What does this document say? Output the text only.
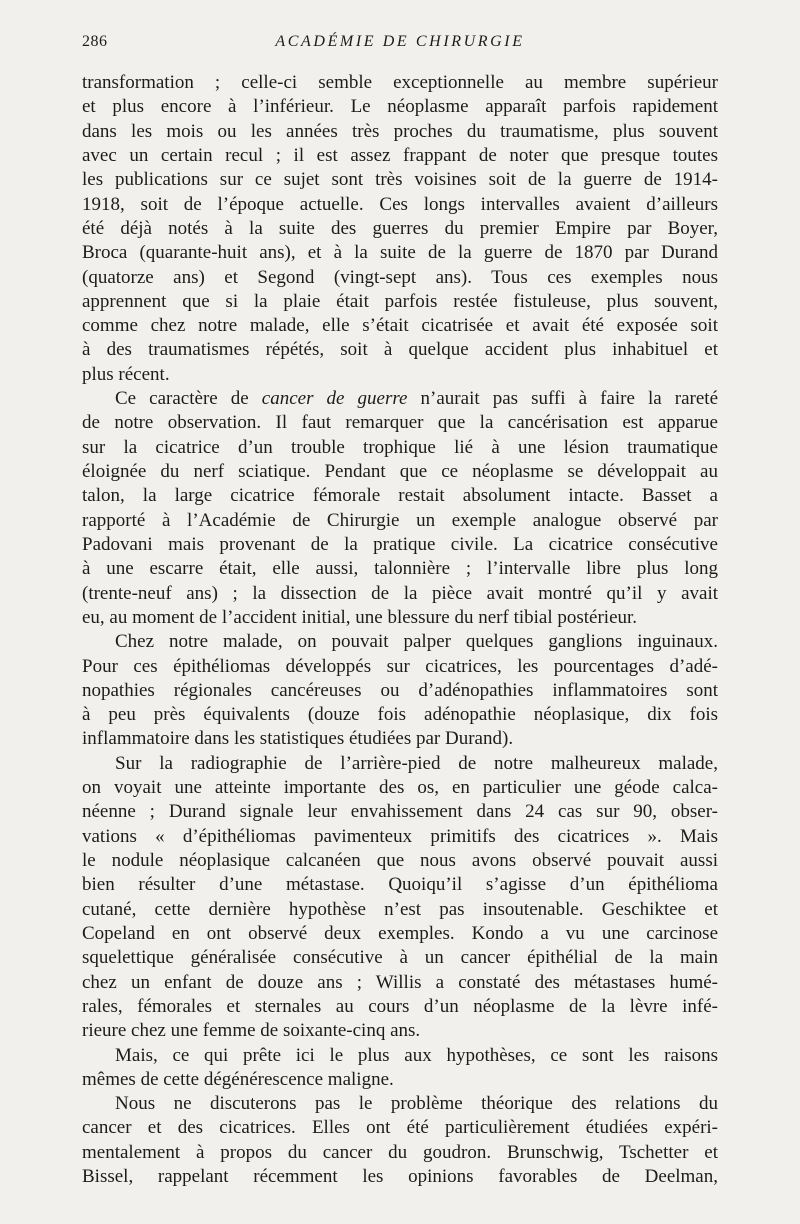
286	ACADÉMIE DE CHIRURGIE

transformation ; celle-ci semble exceptionnelle au membre supérieur
et plus encore à l’inférieur. Le néoplasme apparaît parfois rapidement
dans les mois ou les années très proches du traumatisme, plus souvent
avec un certain recul ; il est assez frappant de noter que presque toutes
les publications sur ce sujet sont très voisines soit de la guerre de 1914-
1918, soit de l’époque actuelle. Ces longs intervalles avaient d’ailleurs
été déjà notés à la suite des guerres du premier Empire par Boyer,
Broca (quarante-huit ans), et à la suite de la guerre de 1870 par Durand
(quatorze ans) et Segond (vingt-sept ans). Tous ces exemples nous
apprennent que si la plaie était parfois restée fistuleuse, plus souvent,
comme chez notre malade, elle s’était cicatrisée et avait été exposée soit
à des traumatismes répétés, soit à quelque accident plus inhabituel et
plus récent.

Ce caractère de cancer de guerre n’aurait pas suffi à faire la rareté
de notre observation. Il faut remarquer que la cancérisation est apparue
sur la cicatrice d’un trouble trophique lié à une lésion traumatique
éloignée du nerf sciatique. Pendant que ce néoplasme se développait au
talon, la large cicatrice fémorale restait absolument intacte. Basset a
rapporté à l’Académie de Chirurgie un exemple analogue observé par
Padovani mais provenant de la pratique civile. La cicatrice consécutive
à une escarre était, elle aussi, talonnière ; l’intervalle libre plus long
(trente-neuf ans) ; la dissection de la pièce avait montré qu’il y avait
eu, au moment de l’accident initial, une blessure du nerf tibial postérieur.

Chez notre malade, on pouvait palper quelques ganglions inguinaux.
Pour ces épithéliomas développés sur cicatrices, les pourcentages d’adé-
nopathies régionales cancéreuses ou d’adénopathies inflammatoires sont
à peu près équivalents (douze fois adénopathie néoplasique, dix fois
inflammatoire dans les statistiques étudiées par Durand).

Sur la radiographie de l’arrière-pied de notre malheureux malade,
on voyait une atteinte importante des os, en particulier une géode calca-
néenne ; Durand signale leur envahissement dans 24 cas sur 90, obser-
vations « d’épithéliomas pavimenteux primitifs des cicatrices ». Mais
le nodule néoplasique calcanéen que nous avons observé pouvait aussi
bien résulter d’une métastase. Quoiqu’il s’agisse d’un épithélioma
cutané, cette dernière hypothèse n’est pas insoutenable. Geschiktee et
Copeland en ont observé deux exemples. Kondo a vu une carcinose
squelettique généralisée consécutive à un cancer épithélial de la main
chez un enfant de douze ans ; Willis a constaté des métastases humé-
rales, fémorales et sternales au cours d’un néoplasme de la lèvre infé-
rieure chez une femme de soixante-cinq ans.

Mais, ce qui prête ici le plus aux hypothèses, ce sont les raisons
mêmes de cette dégénérescence maligne.

Nous ne discuterons pas le problème théorique des relations du
cancer et des cicatrices. Elles ont été particulièrement étudiées expéri-
mentalement à propos du cancer du goudron. Brunschwig, Tschetter et
Bissel, rappelant récemment les opinions favorables de Deelman,
